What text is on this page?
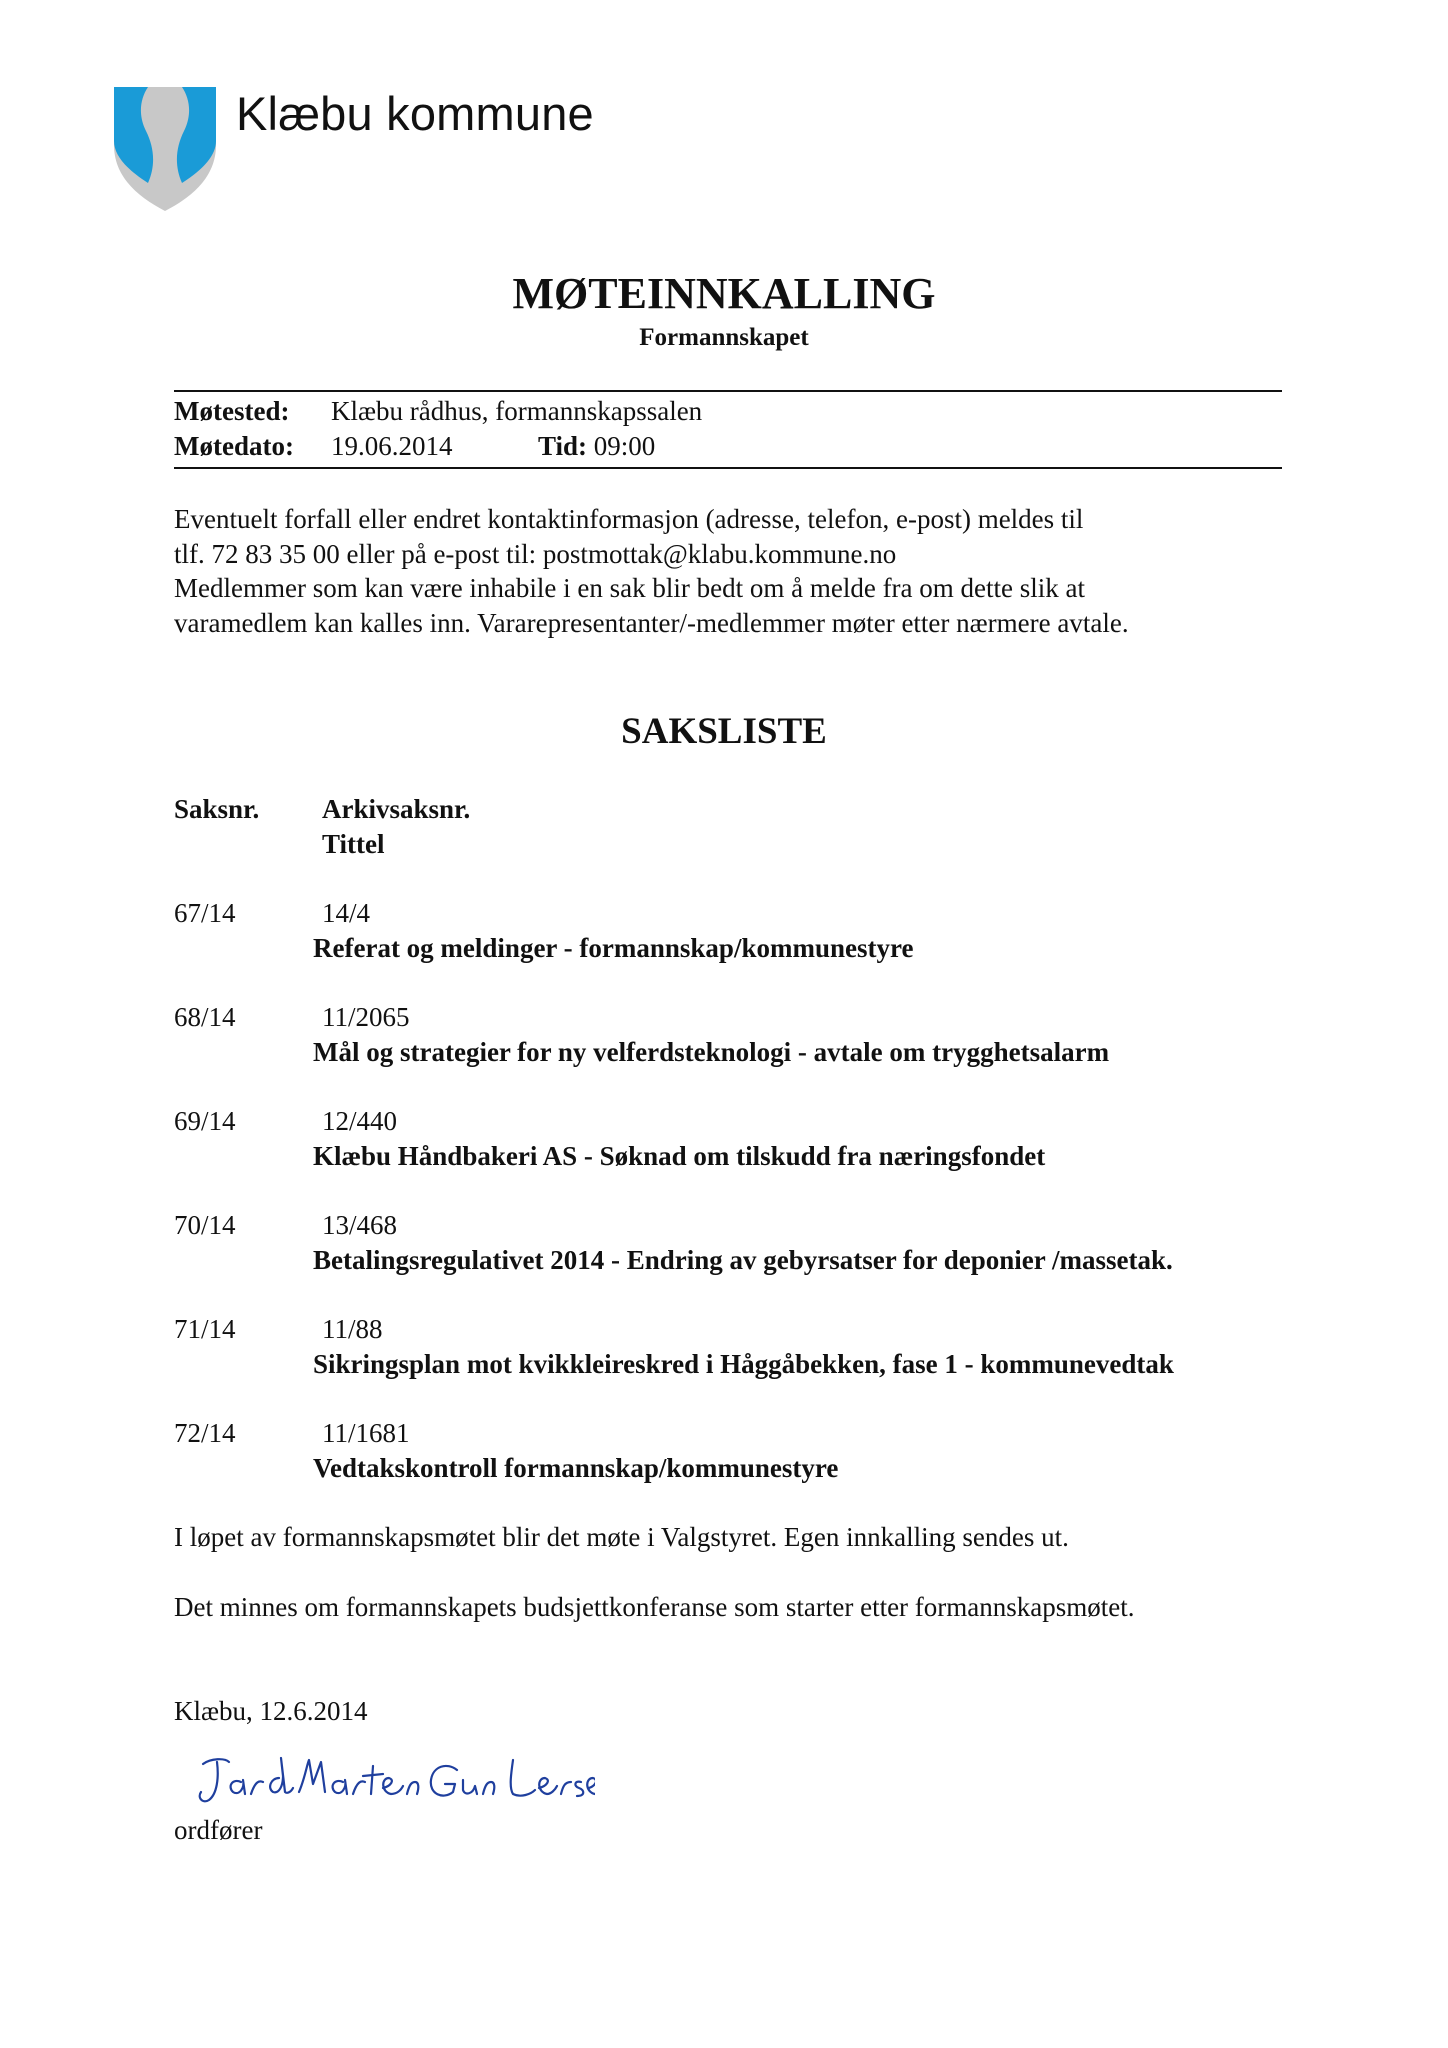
Klæbu kommune
MØTEINNKALLING
Formannskapet
Møtested: Klæbu rådhus, formannskapssalen
Møtedato: 19.06.2014	Tid: 09:00
Eventuelt forfall eller endret kontaktinformasjon (adresse, telefon, e-post) meldes til
tlf. 72 83 35 00 eller på e-post til: postmottak@klabu.kommune.no
Medlemmer som kan være inhabile i en sak blir bedt om å melde fra om dette slik at
varamedlem kan kalles inn. Vararepresentanter/-medlemmer møter etter nærmere avtale.
SAKSLISTE
Saksnr. Arkivsaksnr.
Tittel
67/14	14/4
Referat og meldinger - formannskap/kommunestyre
68/14	11/2065
Mål og strategier for ny velferdsteknologi - avtale om trygghetsalarm
69/14	12/440
Klæbu Håndbakeri AS - Søknad om tilskudd fra næringsfondet
70/14	13/468
Betalingsregulativet 2014 - Endring av gebyrsatser for deponier /massetak.
71/14	11/88
Sikringsplan mot kvikkleireskred i Håggåbekken, fase 1 - kommunevedtak
72/14	11/1681
Vedtakskontroll formannskap/kommunestyre
I løpet av formannskapsmøtet blir det møte i Valgstyret. Egen innkalling sendes ut.
Det minnes om formannskapets budsjettkonferanse som starter etter formannskapsmøtet.
Klæbu, 12.6.2014
ordfører
